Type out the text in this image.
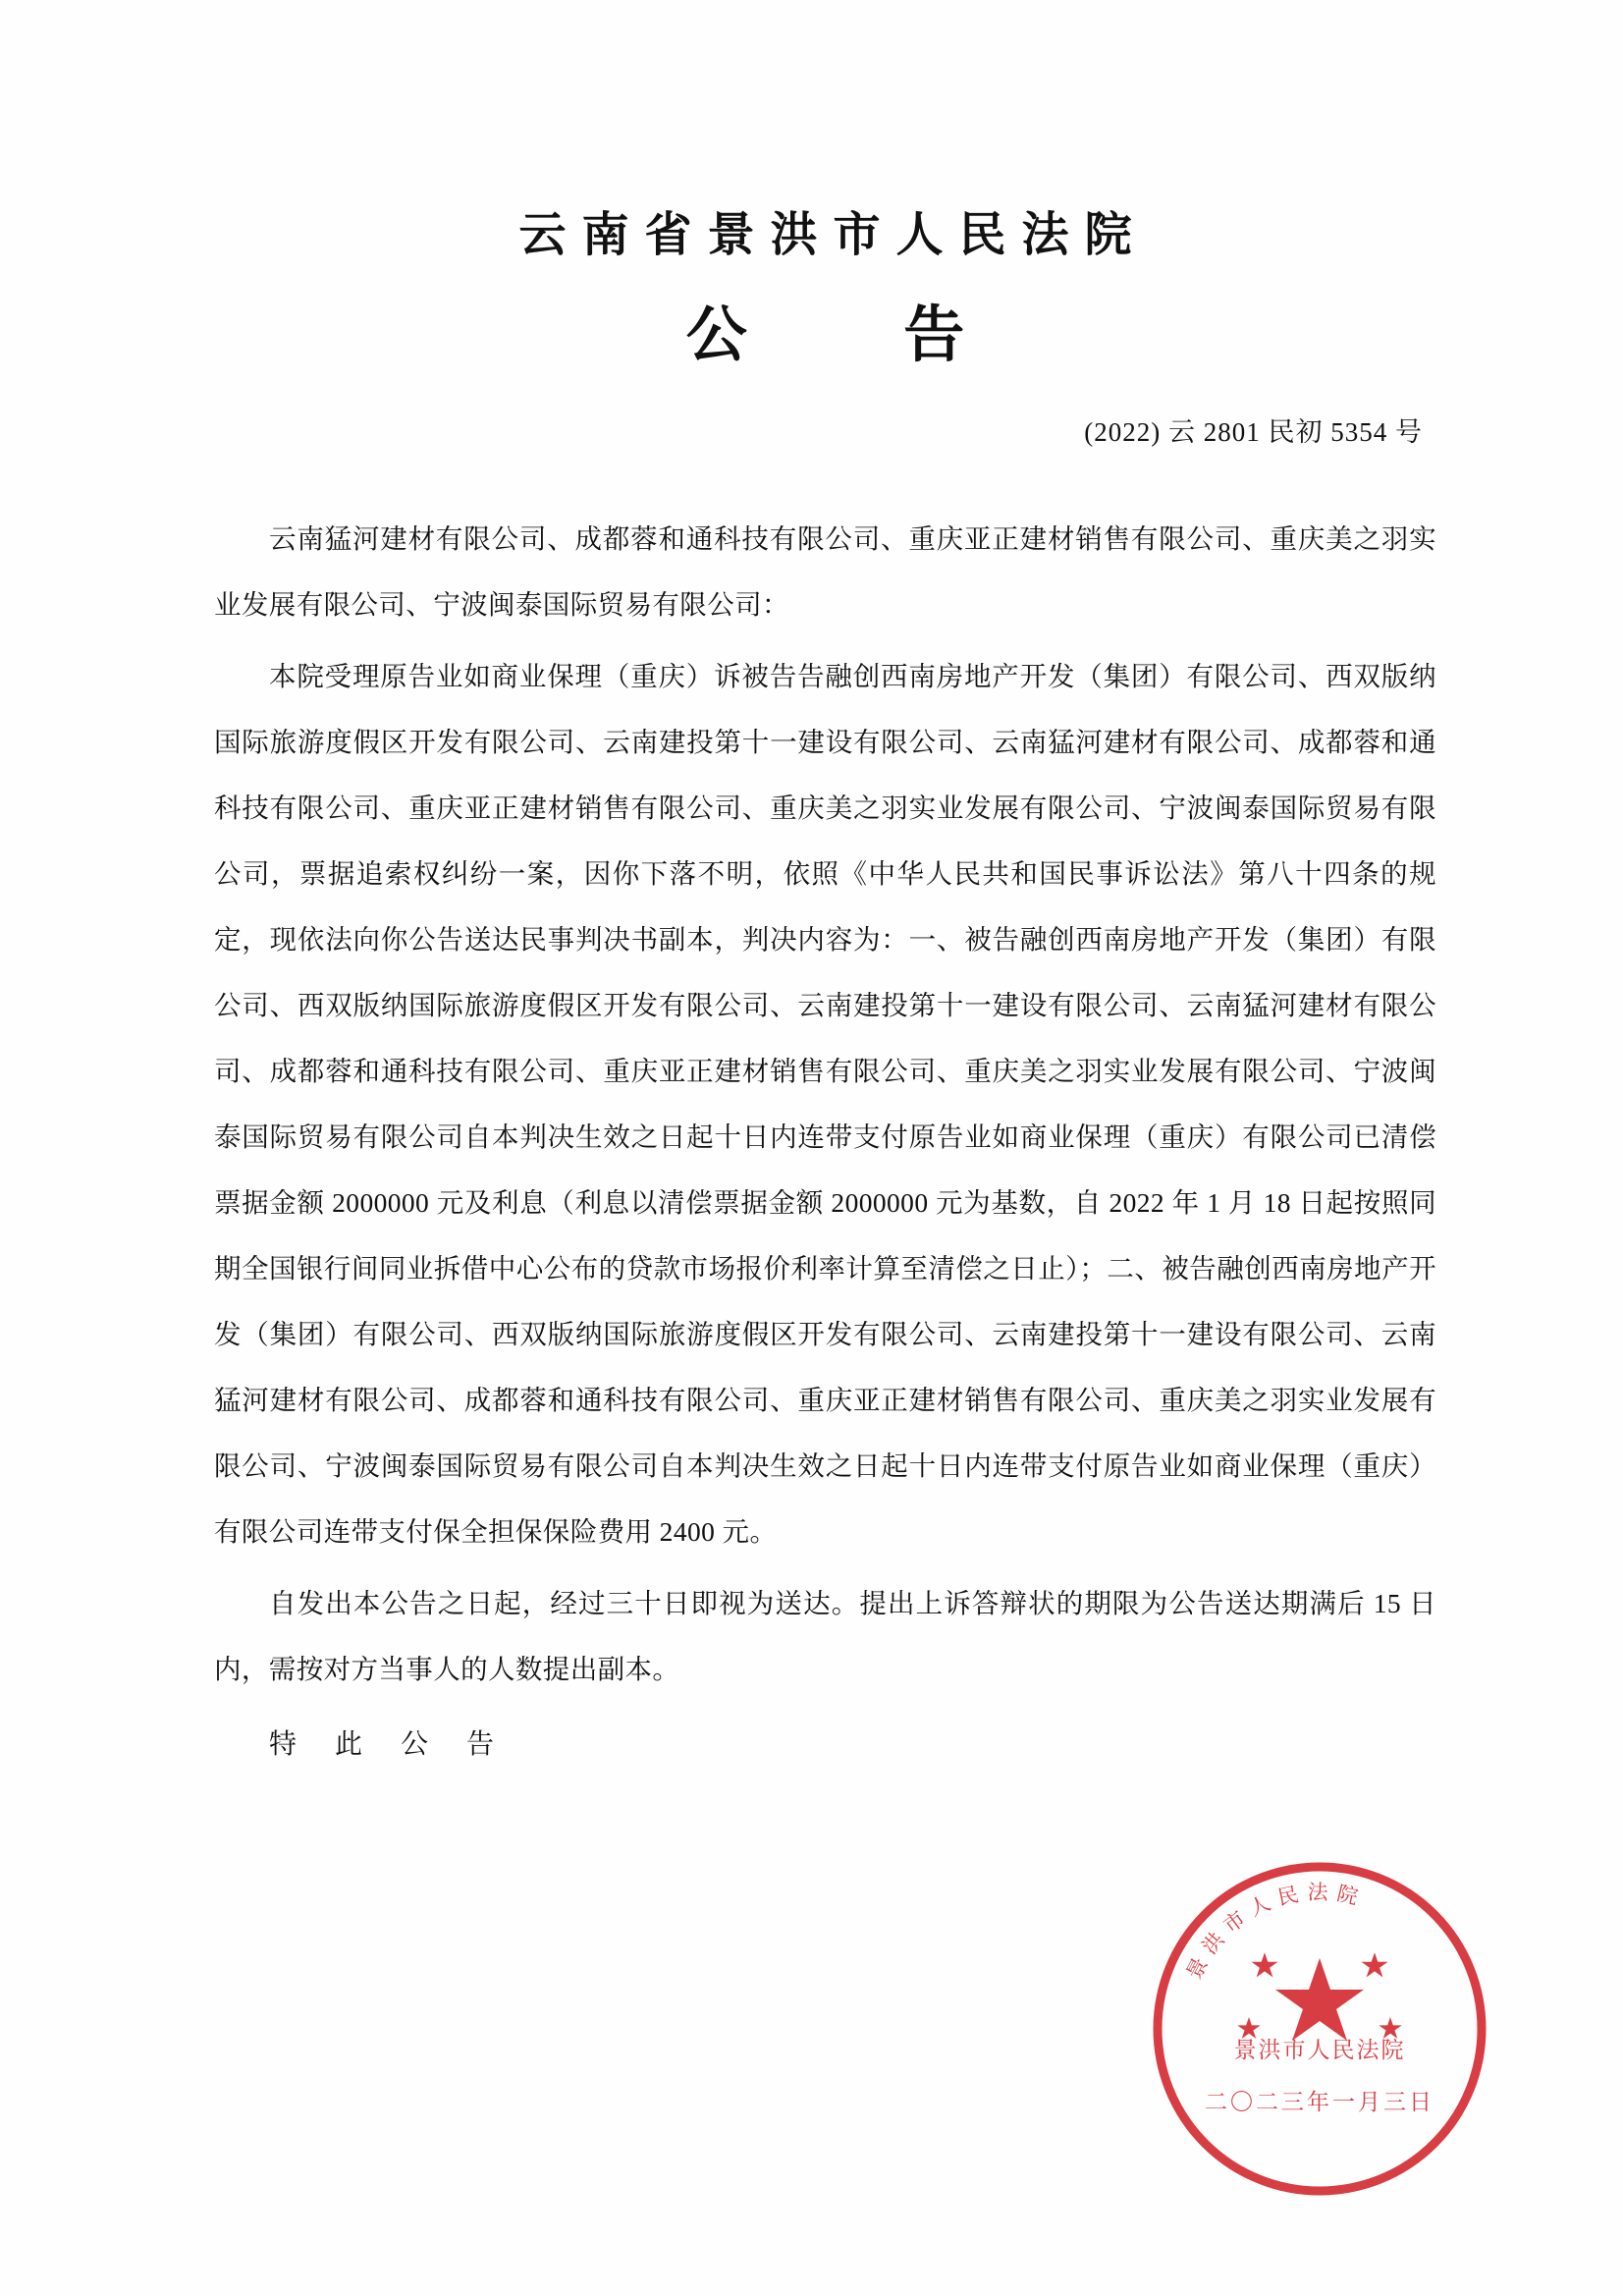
云南省景洪市人民法院
公 告
(2022) 云 2801 民初 5354 号

云南猛河建材有限公司、成都蓉和通科技有限公司、重庆亚正建材销售有限公司、重庆美之羽实业发展有限公司、宁波闽泰国际贸易有限公司：

本院受理原告业如商业保理（重庆）诉被告告融创西南房地产开发（集团）有限公司、西双版纳国际旅游度假区开发有限公司、云南建投第十一建设有限公司、云南猛河建材有限公司、成都蓉和通科技有限公司、重庆亚正建材销售有限公司、重庆美之羽实业发展有限公司、宁波闽泰国际贸易有限公司，票据追索权纠纷一案，因你下落不明，依照《中华人民共和国民事诉讼法》第八十四条的规定，现依法向你公告送达民事判决书副本，判决内容为：一、被告融创西南房地产开发（集团）有限公司、西双版纳国际旅游度假区开发有限公司、云南建投第十一建设有限公司、云南猛河建材有限公司、成都蓉和通科技有限公司、重庆亚正建材销售有限公司、重庆美之羽实业发展有限公司、宁波闽泰国际贸易有限公司自本判决生效之日起十日内连带支付原告业如商业保理（重庆）有限公司已清偿票据金额 2000000 元及利息（利息以清偿票据金额 2000000 元为基数，自 2022 年 1 月 18 日起按照同期全国银行间同业拆借中心公布的贷款市场报价利率计算至清偿之日止）；二、被告融创西南房地产开发（集团）有限公司、西双版纳国际旅游度假区开发有限公司、云南建投第十一建设有限公司、云南猛河建材有限公司、成都蓉和通科技有限公司、重庆亚正建材销售有限公司、重庆美之羽实业发展有限公司、宁波闽泰国际贸易有限公司自本判决生效之日起十日内连带支付原告业如商业保理（重庆）有限公司连带支付保全担保保险费用 2400 元。

自发出本公告之日起，经过三十日即视为送达。提出上诉答辩状的期限为公告送达期满后 15 日内，需按对方当事人的人数提出副本。

特 此 公 告
景洪市人民法院
景洪市人民法院
二〇二三年一月三日
